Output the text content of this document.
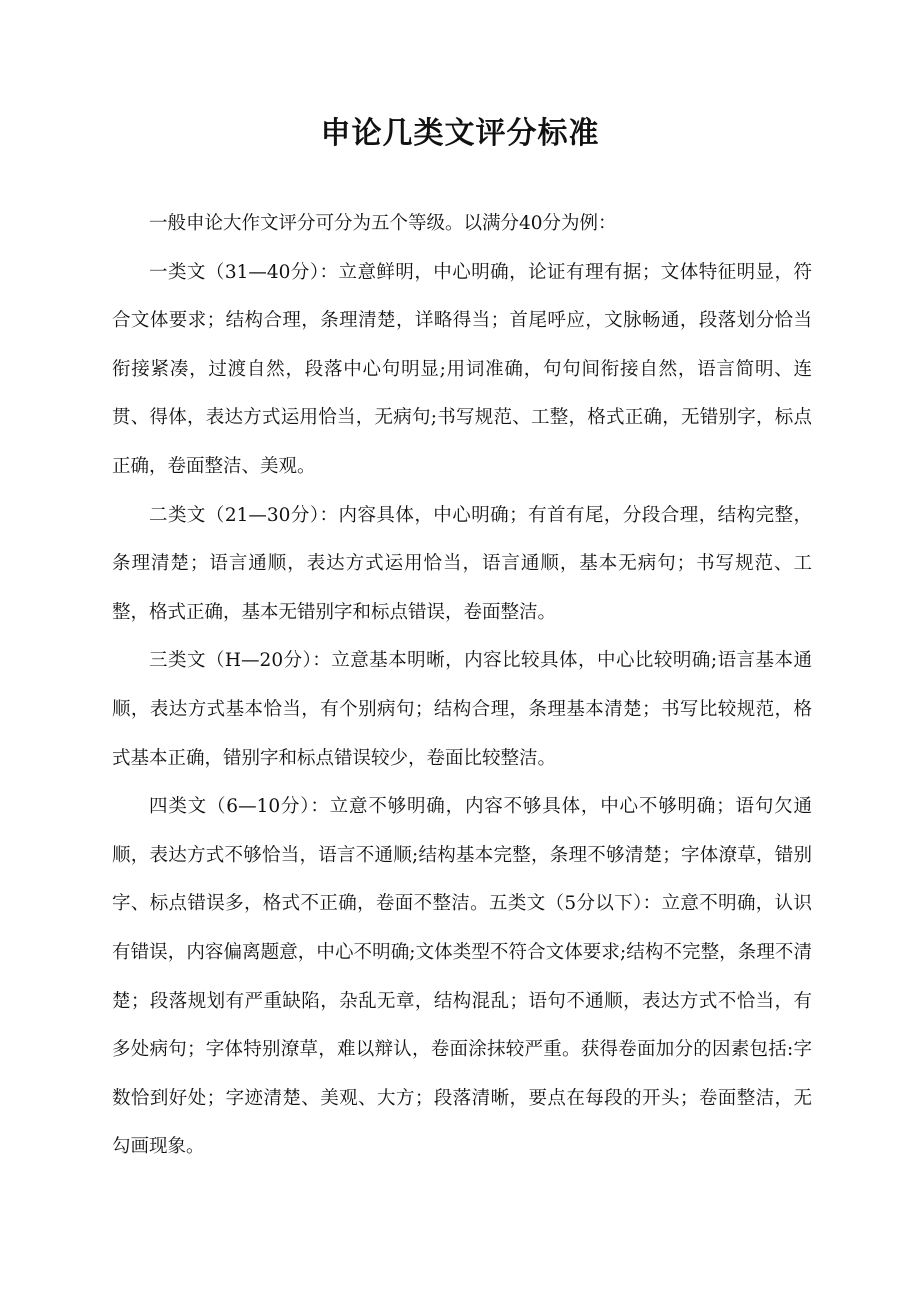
申论几类文评分标准

一般申论大作文评分可分为五个等级。以满分40分为例：

一类文（31—40分）：立意鲜明，中心明确，论证有理有据；文体特征明显，符合文体要求；结构合理，条理清楚，详略得当；首尾呼应，文脉畅通，段落划分恰当衔接紧凑，过渡自然，段落中心句明显;用词准确，句句间衔接自然，语言简明、连贯、得体，表达方式运用恰当，无病句;书写规范、工整，格式正确，无错别字，标点正确，卷面整洁、美观。

二类文（21—30分）：内容具体，中心明确；有首有尾，分段合理，结构完整，条理清楚；语言通顺，表达方式运用恰当，语言通顺，基本无病句；书写规范、工整，格式正确，基本无错别字和标点错误，卷面整洁。

三类文（H—20分）：立意基本明晰，内容比较具体，中心比较明确;语言基本通顺，表达方式基本恰当，有个别病句；结构合理，条理基本清楚；书写比较规范，格式基本正确，错别字和标点错误较少，卷面比较整洁。

四类文（6—10分）：立意不够明确，内容不够具体，中心不够明确；语句欠通顺，表达方式不够恰当，语言不通顺;结构基本完整，条理不够清楚；字体潦草，错别字、标点错误多，格式不正确，卷面不整洁。五类文（5分以下）：立意不明确，认识有错误，内容偏离题意，中心不明确;文体类型不符合文体要求;结构不完整，条理不清楚；段落规划有严重缺陷，杂乱无章，结构混乱；语句不通顺，表达方式不恰当，有多处病句；字体特别潦草，难以辩认，卷面涂抹较严重。获得卷面加分的因素包括:字数恰到好处；字迹清楚、美观、大方；段落清晰，要点在每段的开头；卷面整洁，无勾画现象。
